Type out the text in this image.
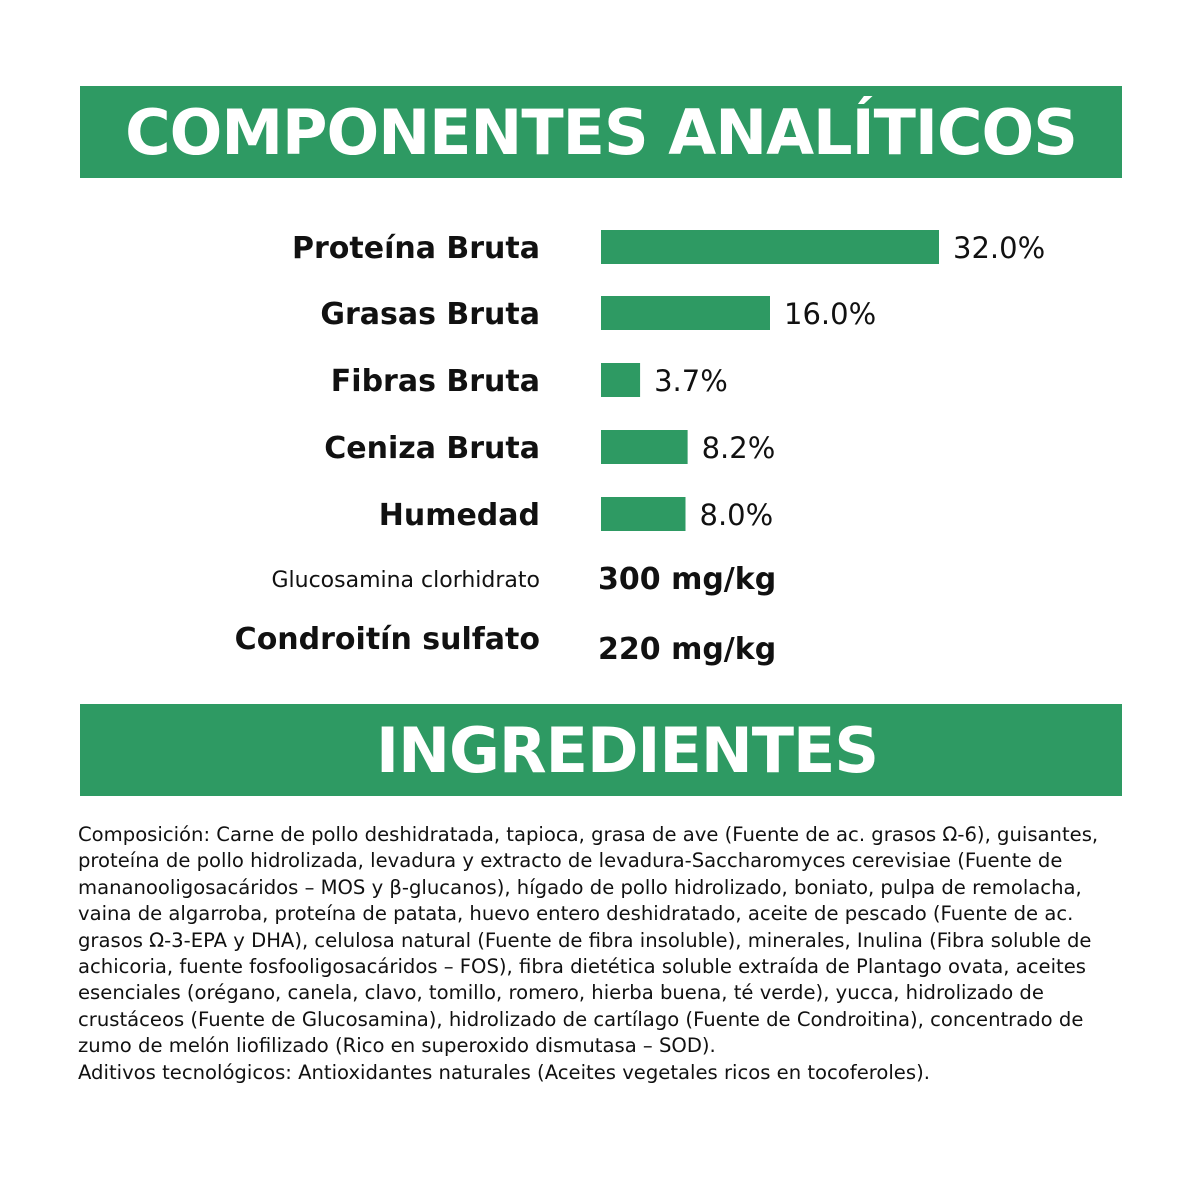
COMPONENTES ANALÍTICOS
Proteína Bruta	32.0%
Grasas Bruta	16.0%
Fibras Bruta	3.7%
Ceniza Bruta	8.2%
Humedad	8.0%
Glucosamina clorhidrato 300 mg/kg
Condroitín sulfato 220 mg/kg
INGREDIENTES

Composición: Carne de pollo deshidratada, tapioca, grasa de ave (Fuente de ac. grasos Ω-6), guisantes, proteína de pollo hidrolizada, levadura y extracto de levadura-Saccharomyces cerevisiae (Fuente de mananooligosacáridos – MOS y β-glucanos), hígado de pollo hidrolizado, boniato, pulpa de remolacha, vaina de algarroba, proteína de patata, huevo entero deshidratado, aceite de pescado (Fuente de ac. grasos Ω-3-EPA y DHA), celulosa natural (Fuente de fibra insoluble), minerales, Inulina (Fibra soluble de achicoria, fuente fosfooligosacáridos – FOS), fibra dietética soluble extraída de Plantago ovata, aceites esenciales (orégano, canela, clavo, tomillo, romero, hierba buena, té verde), yucca, hidrolizado de crustáceos (Fuente de Glucosamina), hidrolizado de cartílago (Fuente de Condroitina), concentrado de zumo de melón liofilizado (Rico en superoxido dismutasa – SOD).

Aditivos tecnológicos: Antioxidantes naturales (Aceites vegetales ricos en tocoferoles).
